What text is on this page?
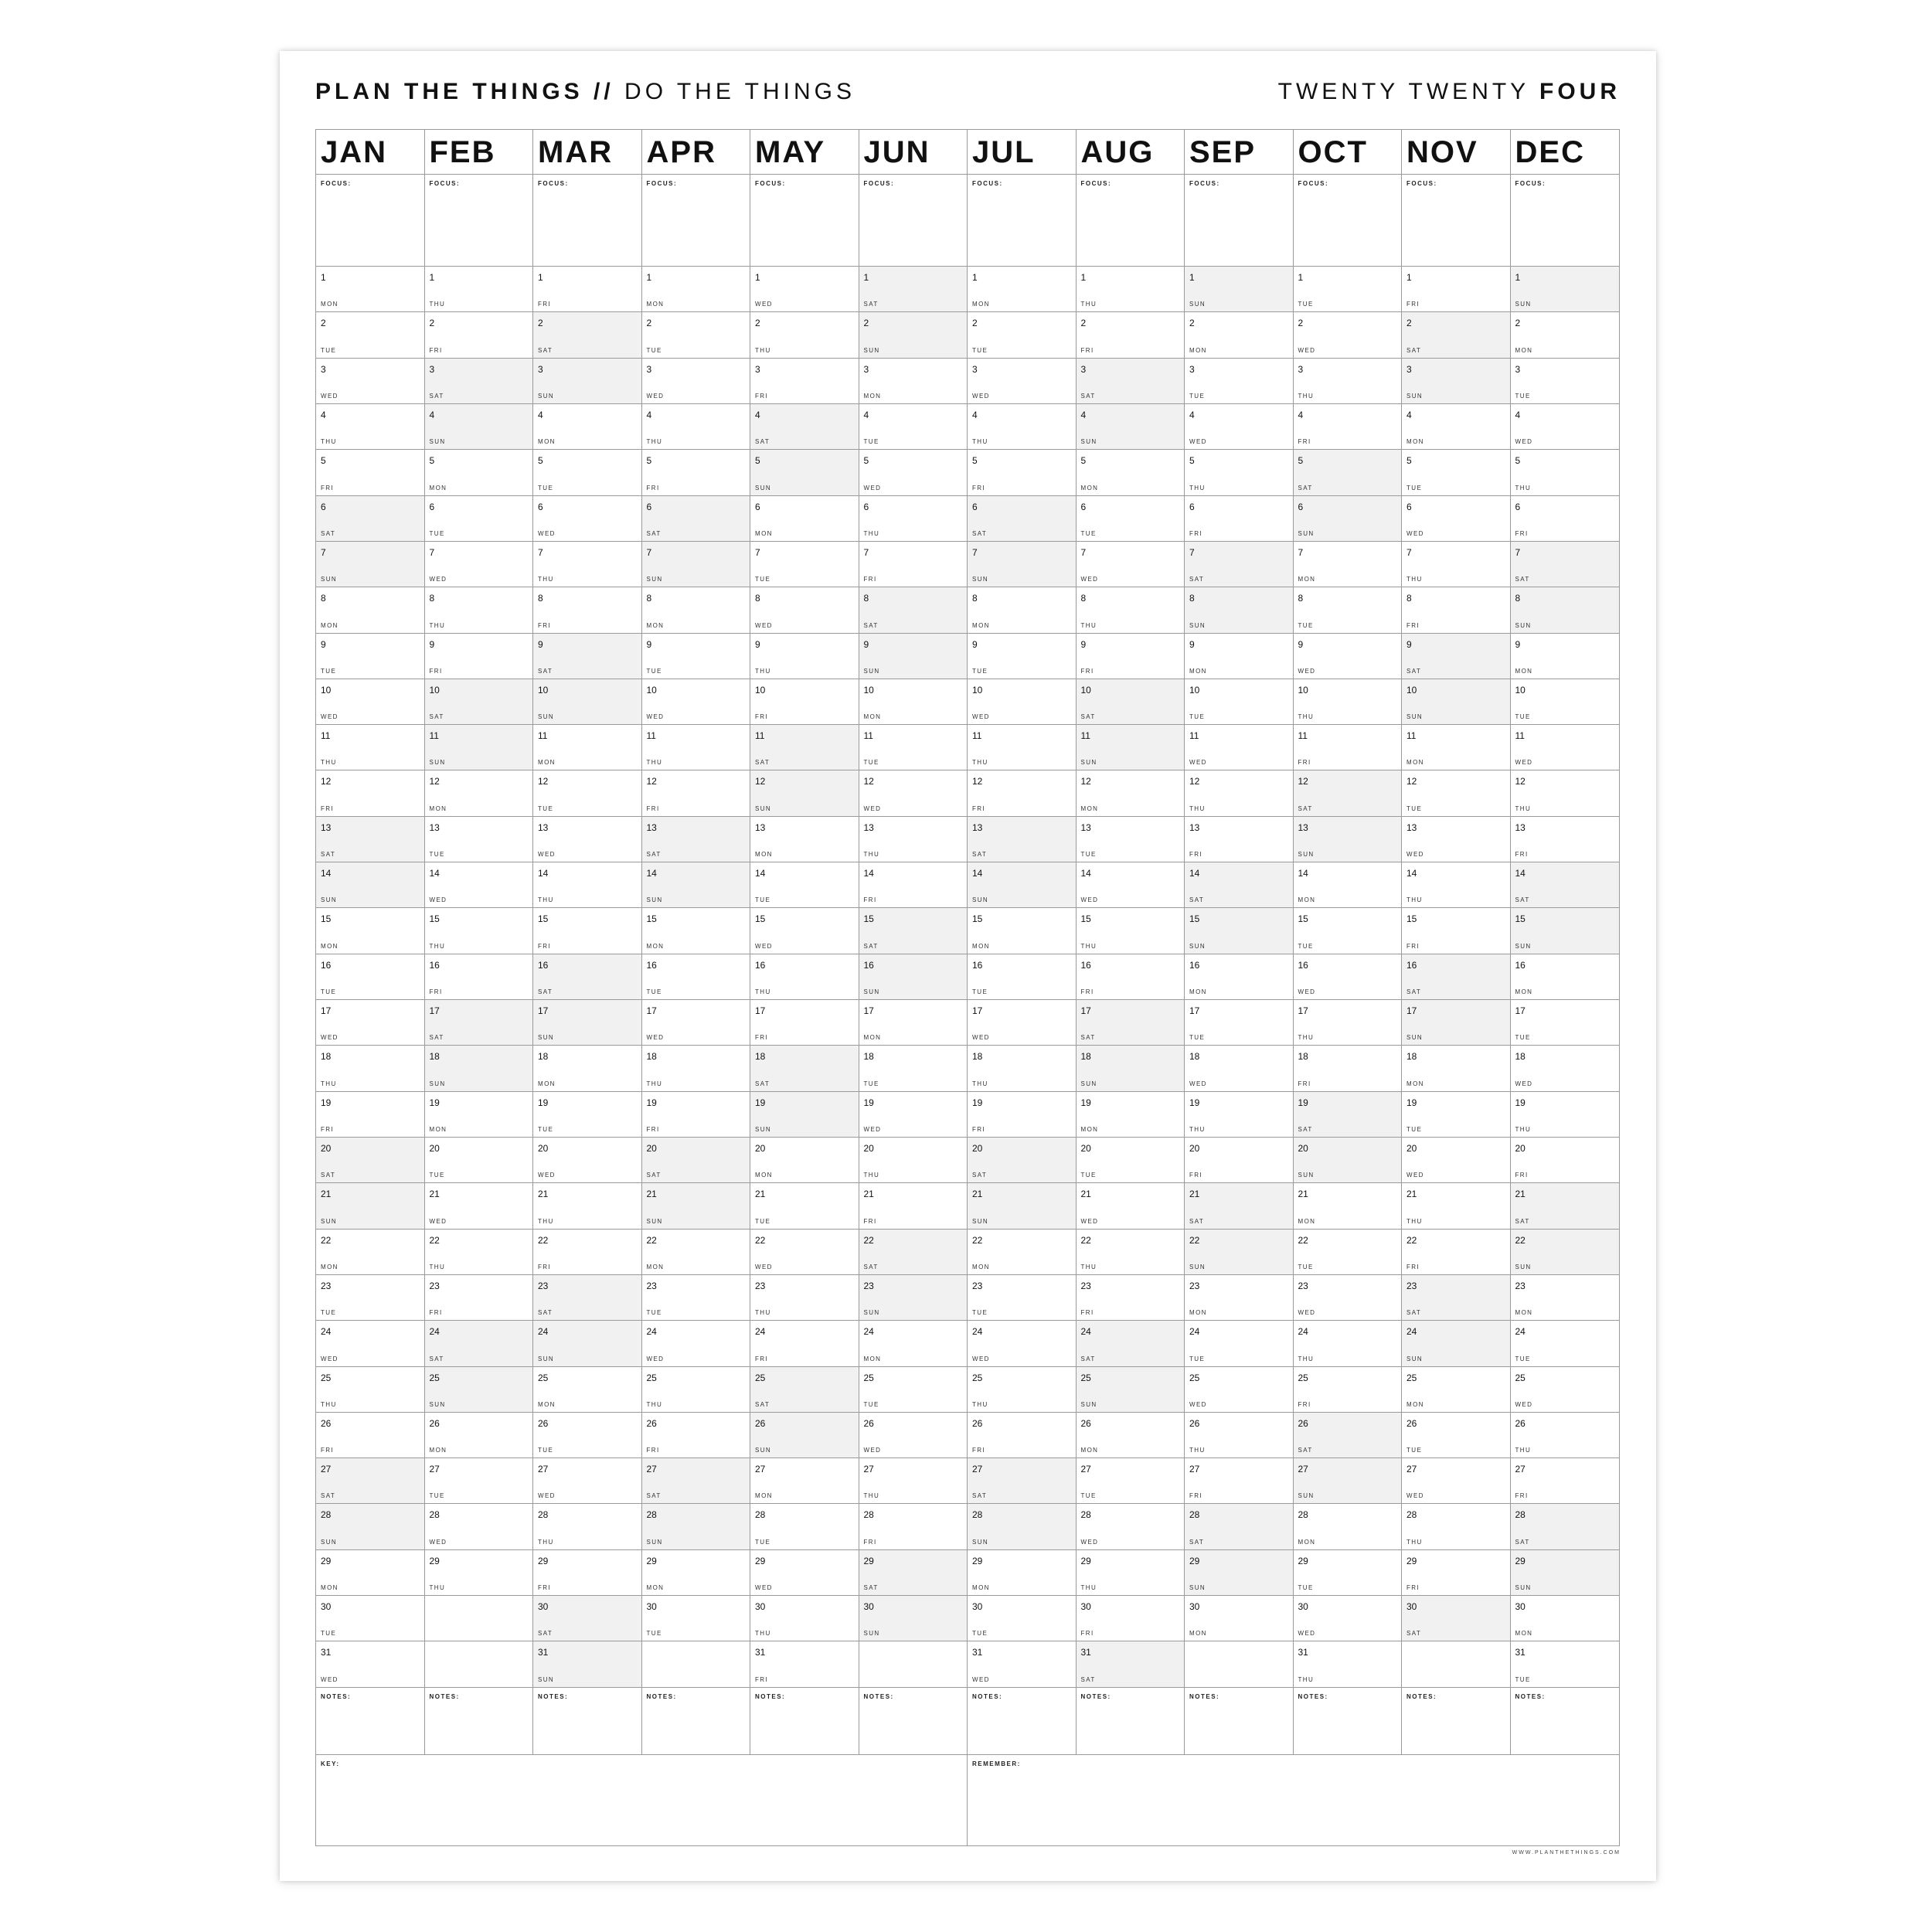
PLAN THE THINGS // DO THE THINGS	TWENTY TWENTY FOUR
KEY:	REMEMBER:
JAN
FOCUS:
1
MON
2
TUE
3
WED
4
THU
5
FRI
6
SAT
7
SUN
8
MON
9
TUE
10
WED
11
THU
12
FRI
13
SAT
14
SUN
15
MON
16
TUE
17
WED
18
THU
19
FRI
20
SAT
21
SUN
22
MON
23
TUE
24
WED
25
THU
26
FRI
27
SAT
28
SUN
29
MON
30
TUE
31
WED
NOTES:
FEB
FOCUS:
1
THU
2
FRI
3
SAT
4
SUN
5
MON
6
TUE
7
WED
8
THU
9
FRI
10
SAT
11
SUN
12
MON
13
TUE
14
WED
15
THU
16
FRI
17
SAT
18
SUN
19
MON
20
TUE
21
WED
22
THU
23
FRI
24
SAT
25
SUN
26
MON
27
TUE
28
WED
29
THU
NOTES:
MAR
FOCUS:
1
FRI
2
SAT
3
SUN
4
MON
5
TUE
6
WED
7
THU
8
FRI
9
SAT
10
SUN
11
MON
12
TUE
13
WED
14
THU
15
FRI
16
SAT
17
SUN
18
MON
19
TUE
20
WED
21
THU
22
FRI
23
SAT
24
SUN
25
MON
26
TUE
27
WED
28
THU
29
FRI
30
SAT
31
SUN
NOTES:
APR
FOCUS:
1
MON
2
TUE
3
WED
4
THU
5
FRI
6
SAT
7
SUN
8
MON
9
TUE
10
WED
11
THU
12
FRI
13
SAT
14
SUN
15
MON
16
TUE
17
WED
18
THU
19
FRI
20
SAT
21
SUN
22
MON
23
TUE
24
WED
25
THU
26
FRI
27
SAT
28
SUN
29
MON
30
TUE
NOTES:
MAY
FOCUS:
1
WED
2
THU
3
FRI
4
SAT
5
SUN
6
MON
7
TUE
8
WED
9
THU
10
FRI
11
SAT
12
SUN
13
MON
14
TUE
15
WED
16
THU
17
FRI
18
SAT
19
SUN
20
MON
21
TUE
22
WED
23
THU
24
FRI
25
SAT
26
SUN
27
MON
28
TUE
29
WED
30
THU
31
FRI
NOTES:
JUN
FOCUS:
1
SAT
2
SUN
3
MON
4
TUE
5
WED
6
THU
7
FRI
8
SAT
9
SUN
10
MON
11
TUE
12
WED
13
THU
14
FRI
15
SAT
16
SUN
17
MON
18
TUE
19
WED
20
THU
21
FRI
22
SAT
23
SUN
24
MON
25
TUE
26
WED
27
THU
28
FRI
29
SAT
30
SUN
NOTES:
JUL
FOCUS:
1
MON
2
TUE
3
WED
4
THU
5
FRI
6
SAT
7
SUN
8
MON
9
TUE
10
WED
11
THU
12
FRI
13
SAT
14
SUN
15
MON
16
TUE
17
WED
18
THU
19
FRI
20
SAT
21
SUN
22
MON
23
TUE
24
WED
25
THU
26
FRI
27
SAT
28
SUN
29
MON
30
TUE
31
WED
NOTES:
AUG
FOCUS:
1
THU
2
FRI
3
SAT
4
SUN
5
MON
6
TUE
7
WED
8
THU
9
FRI
10
SAT
11
SUN
12
MON
13
TUE
14
WED
15
THU
16
FRI
17
SAT
18
SUN
19
MON
20
TUE
21
WED
22
THU
23
FRI
24
SAT
25
SUN
26
MON
27
TUE
28
WED
29
THU
30
FRI
31
SAT
NOTES:
SEP
FOCUS:
1
SUN
2
MON
3
TUE
4
WED
5
THU
6
FRI
7
SAT
8
SUN
9
MON
10
TUE
11
WED
12
THU
13
FRI
14
SAT
15
SUN
16
MON
17
TUE
18
WED
19
THU
20
FRI
21
SAT
22
SUN
23
MON
24
TUE
25
WED
26
THU
27
FRI
28
SAT
29
SUN
30
MON
NOTES:
OCT
FOCUS:
1
TUE
2
WED
3
THU
4
FRI
5
SAT
6
SUN
7
MON
8
TUE
9
WED
10
THU
11
FRI
12
SAT
13
SUN
14
MON
15
TUE
16
WED
17
THU
18
FRI
19
SAT
20
SUN
21
MON
22
TUE
23
WED
24
THU
25
FRI
26
SAT
27
SUN
28
MON
29
TUE
30
WED
31
THU
NOTES:
NOV
FOCUS:
1
FRI
2
SAT
3
SUN
4
MON
5
TUE
6
WED
7
THU
8
FRI
9
SAT
10
SUN
11
MON
12
TUE
13
WED
14
THU
15
FRI
16
SAT
17
SUN
18
MON
19
TUE
20
WED
21
THU
22
FRI
23
SAT
24
SUN
25
MON
26
TUE
27
WED
28
THU
29
FRI
30
SAT
NOTES:
DEC
FOCUS:
1
SUN
2
MON
3
TUE
4
WED
5
THU
6
FRI
7
SAT
8
SUN
9
MON
10
TUE
11
WED
12
THU
13
FRI
14
SAT
15
SUN
16
MON
17
TUE
18
WED
19
THU
20
FRI
21
SAT
22
SUN
23
MON
24
TUE
25
WED
26
THU
27
FRI
28
SAT
29
SUN
30
MON
31
TUE
NOTES:
WWW.PLANTHETHINGS.COM
